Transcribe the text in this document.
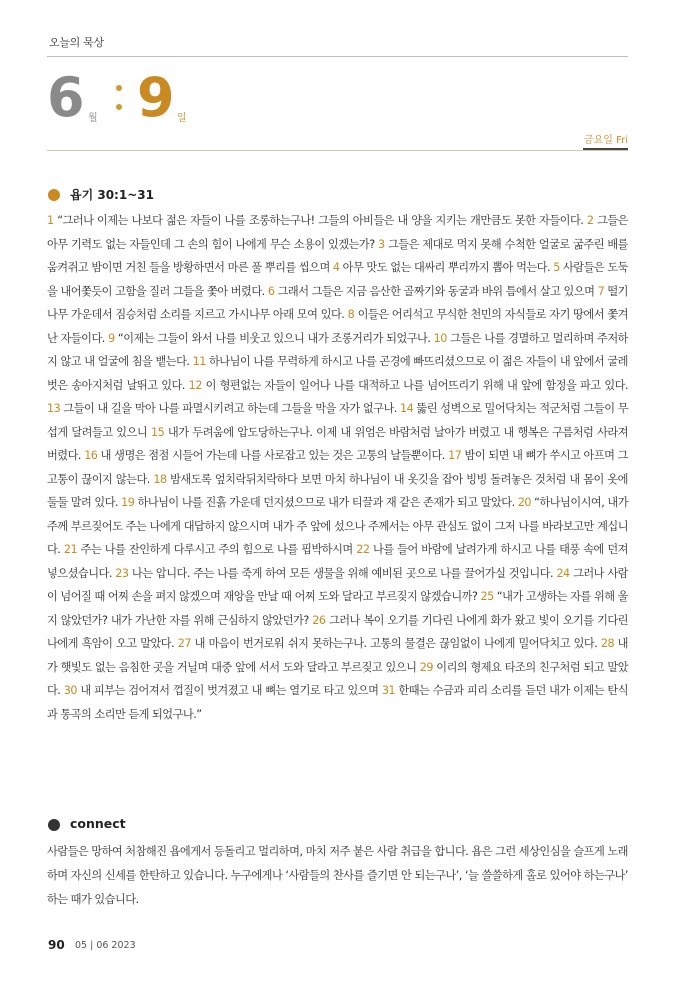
오늘의 묵상
6 월 9 일
금요일 Fri
욥기 30:1~31
1 “그러나 이제는 나보다 젊은 자들이 나를 조롱하는구나! 그들의 아비들은 내 양을 지키는 개만큼도 못한 자들이다. 2 그들은 아무 기력도 없는 자들인데 그 손의 힘이 나에게 무슨 소용이 있겠는가? 3 그들은 제대로 먹지 못해 수척한 얼굴로 굶주린 배를 움켜쥐고 밤이면 거친 들을 방황하면서 마른 풀 뿌리를 씹으며 4 아무 맛도 없는 대싸리 뿌리까지 뽑아 먹는다. 5 사람들은 도둑을 내어쫓듯이 고함을 질러 그들을 쫓아 버렸다. 6 그래서 그들은 지금 음산한 골짜기와 동굴과 바위 틈에서 살고 있으며 7 떨기나무 가운데서 짐승처럼 소리를 지르고 가시나무 아래 모여 있다. 8 이들은 어리석고 무식한 천민의 자식들로 자기 땅에서 쫓겨난 자들이다. 9 “이제는 그들이 와서 나를 비웃고 있으니 내가 조롱거리가 되었구나. 10 그들은 나를 경멸하고 멀리하며 주저하지 않고 내 얼굴에 침을 뱉는다. 11 하나님이 나를 무력하게 하시고 나를 곤경에 빠뜨리셨으므로 이 젊은 자들이 내 앞에서 굴레 벗은 송아지처럼 날뛰고 있다. 12 이 형편없는 자들이 일어나 나를 대적하고 나를 넘어뜨리기 위해 내 앞에 함정을 파고 있다. 13 그들이 내 길을 막아 나를 파멸시키려고 하는데 그들을 막을 자가 없구나. 14 뚫린 성벽으로 밀어닥치는 적군처럼 그들이 무섭게 달려들고 있으니 15 내가 두려움에 압도당하는구나. 이제 내 위엄은 바람처럼 날아가 버렸고 내 행복은 구름처럼 사라져 버렸다. 16 내 생명은 점점 시들어 가는데 나를 사로잡고 있는 것은 고통의 날들뿐이다. 17 밤이 되면 내 뼈가 쑤시고 아프며 그 고통이 끊이지 않는다. 18 밤새도록 엎치락뒤치락하다 보면 마치 하나님이 내 옷깃을 잡아 빙빙 돌려놓은 것처럼 내 몸이 옷에 둘둘 말려 있다. 19 하나님이 나를 진흙 가운데 던지셨으므로 내가 티끌과 재 같은 존재가 되고 말았다. 20 “하나님이시여, 내가 주께 부르짖어도 주는 나에게 대답하지 않으시며 내가 주 앞에 섰으나 주께서는 아무 관심도 없이 그저 나를 바라보고만 계십니다. 21 주는 나를 잔인하게 다루시고 주의 힘으로 나를 핍박하시며 22 나를 들어 바람에 날려가게 하시고 나를 태풍 속에 던져 넣으셨습니다. 23 나는 압니다. 주는 나를 죽게 하여 모든 생물을 위해 예비된 곳으로 나를 끌어가실 것입니다. 24 그러나 사람이 넘어질 때 어찌 손을 펴지 않겠으며 재앙을 만날 때 어찌 도와 달라고 부르짖지 않겠습니까? 25 “내가 고생하는 자를 위해 울지 않았던가? 내가 가난한 자를 위해 근심하지 않았던가? 26 그러나 복이 오기를 기다린 나에게 화가 왔고 빛이 오기를 기다린 나에게 흑암이 오고 말았다. 27 내 마음이 번거로워 쉬지 못하는구나. 고통의 물결은 끊임없이 나에게 밀어닥치고 있다. 28 내가 햇빛도 없는 음침한 곳을 거닐며 대중 앞에 서서 도와 달라고 부르짖고 있으니 29 이리의 형제요 타조의 친구처럼 되고 말았다. 30 내 피부는 검어져서 껍질이 벗겨졌고 내 뼈는 열기로 타고 있으며 31 한때는 수금과 피리 소리를 듣던 내가 이제는 탄식과 통곡의 소리만 듣게 되었구나.”
connect
사람들은 망하여 처참해진 욥에게서 등돌리고 멀리하며, 마치 저주 붙은 사람 취급을 합니다. 욥은 그런 세상인심을 슬프게 노래하며 자신의 신세를 한탄하고 있습니다. 누구에게나 ‘사람들의 찬사를 즐기면 안 되는구나’, ‘늘 쓸쓸하게 홀로 있어야 하는구나’ 하는 때가 있습니다.
90 05 | 06 2023
